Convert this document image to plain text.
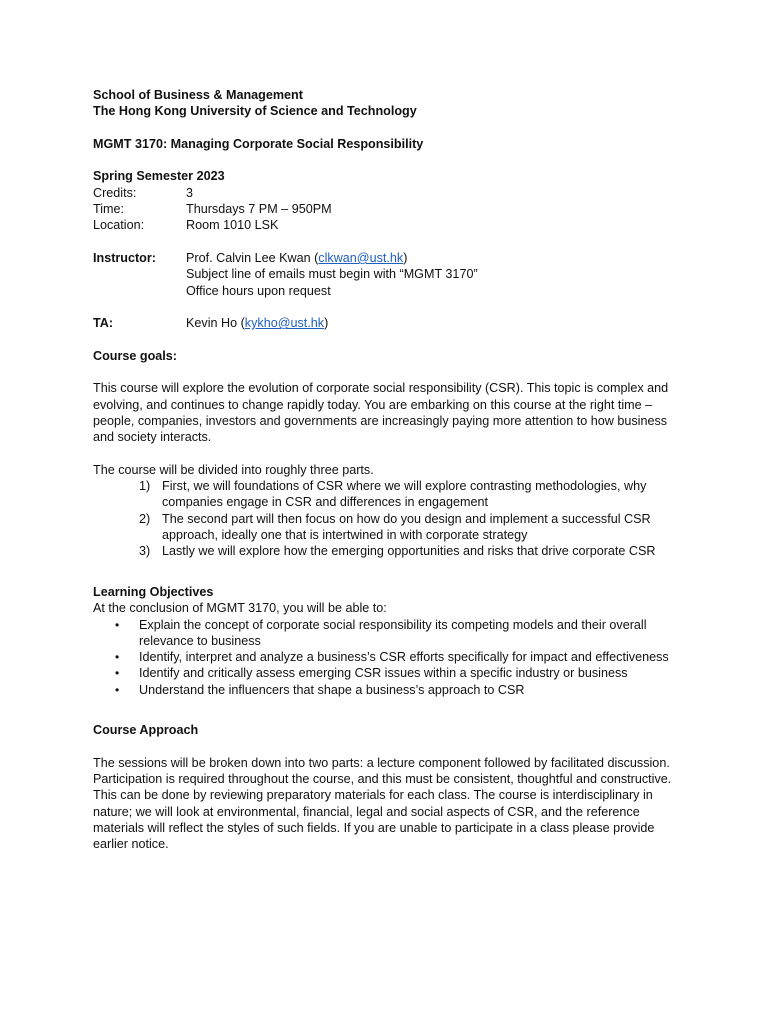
School of Business & Management
The Hong Kong University of Science and Technology
MGMT 3170: Managing Corporate Social Responsibility
Spring Semester 2023
Credits:	3
Time:	Thursdays 7 PM – 950PM
Location:	Room 1010 LSK
Instructor:	Prof. Calvin Lee Kwan (clkwan@ust.hk)
Subject line of emails must begin with “MGMT 3170”
Office hours upon request
TA:	Kevin Ho (kykho@ust.hk)
Course goals:
This course will explore the evolution of corporate social responsibility (CSR). This topic is complex and evolving, and continues to change rapidly today. You are embarking on this course at the right time – people, companies, investors and governments are increasingly paying more attention to how business and society interacts.
The course will be divided into roughly three parts.
1) First, we will foundations of CSR where we will explore contrasting methodologies, why companies engage in CSR and differences in engagement
2) The second part will then focus on how do you design and implement a successful CSR approach, ideally one that is intertwined in with corporate strategy
3) Lastly we will explore how the emerging opportunities and risks that drive corporate CSR
Learning Objectives
At the conclusion of MGMT 3170, you will be able to:
•	Explain the concept of corporate social responsibility its competing models and their overall relevance to business
•	Identify, interpret and analyze a business’s CSR efforts specifically for impact and effectiveness
•	Identify and critically assess emerging CSR issues within a specific industry or business
•	Understand the influencers that shape a business’s approach to CSR
Course Approach
The sessions will be broken down into two parts: a lecture component followed by facilitated discussion. Participation is required throughout the course, and this must be consistent, thoughtful and constructive. This can be done by reviewing preparatory materials for each class. The course is interdisciplinary in nature; we will look at environmental, financial, legal and social aspects of CSR, and the reference materials will reflect the styles of such fields. If you are unable to participate in a class please provide earlier notice.
